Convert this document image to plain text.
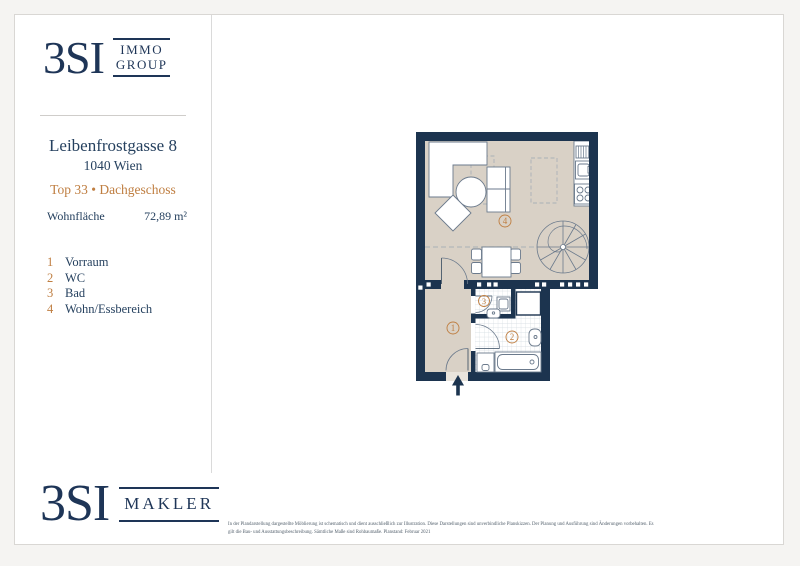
3SI	IMMO
GROUP
Leibenfrostgasse 8
1040 Wien
Top 33 • Dachgeschoss
Wohnfläche	72,89 m²
1 Vorraum
2 WC
3 Bad
4 Wohn/Essbereich
4
1
3
2
3SI MAKLER
In der Plandarstellung dargestellte Möblierung ist schematisch und dient ausschließlich zur Illustration. Diese Darstellungen sind unverbindliche Planskizzen. Der Planung und Ausführung sind Änderungen vorbehalten. Es
gilt die Bau- und Ausstattungsbeschreibung. Sämtliche Maße sind Rohbaumaße. Planstand: Februar 2021
